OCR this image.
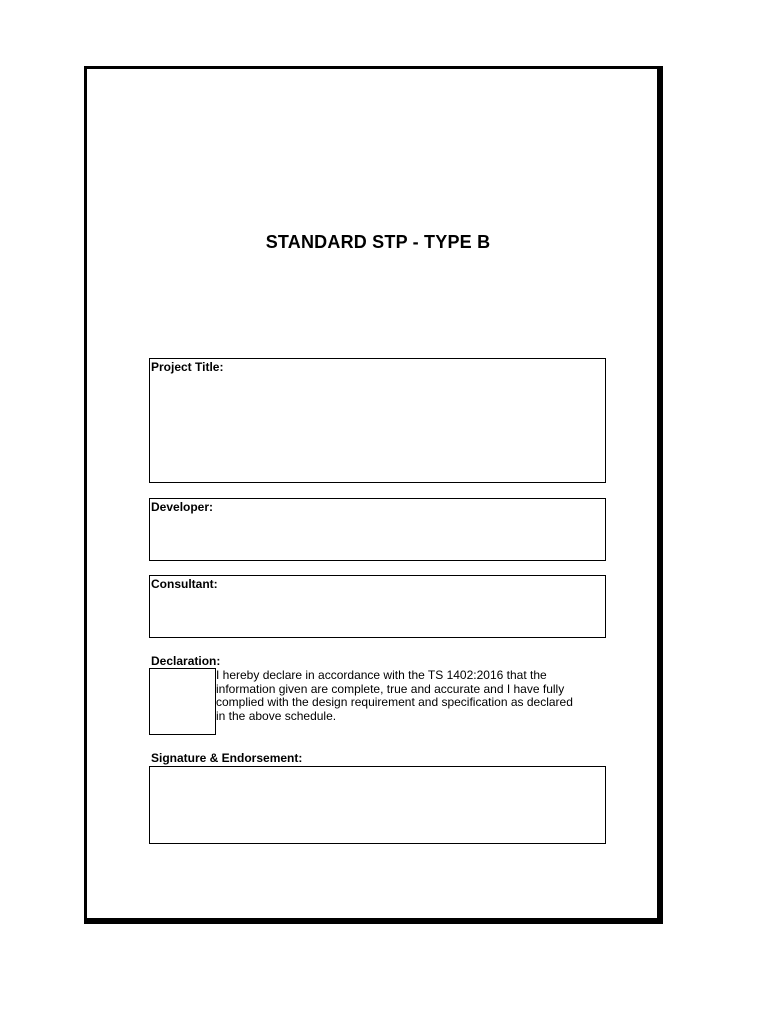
STANDARD STP - TYPE B
Project Title:
Developer:
Consultant:
Declaration:
I hereby declare in accordance with the TS 1402:2016 that the
information given are complete, true and accurate and I have fully
complied with the design requirement and specification as declared
in the above schedule.
Signature & Endorsement:
